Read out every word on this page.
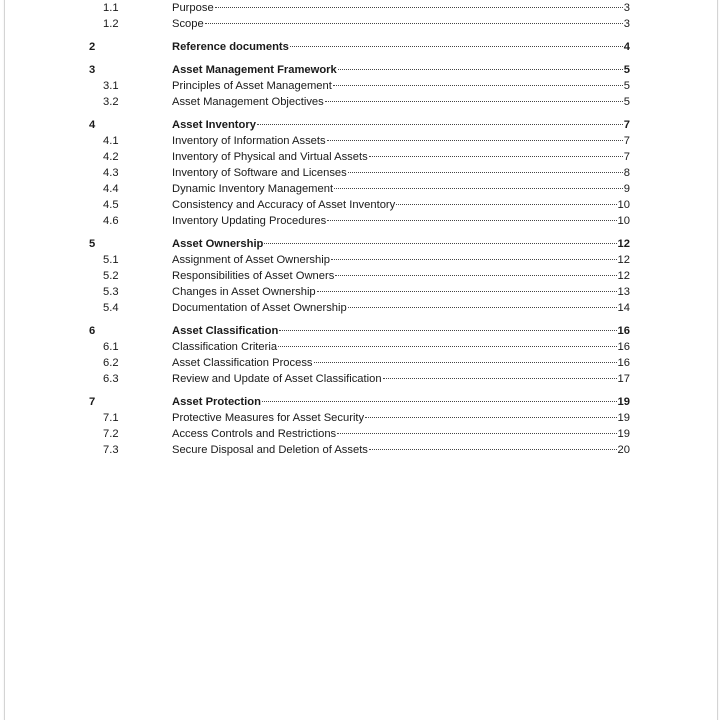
1.1	Purpose	3
1.2	Scope	3
2	Reference documents	4
3	Asset Management Framework	5
3.1	Principles of Asset Management	5
3.2	Asset Management Objectives	5
4	Asset Inventory	7
4.1	Inventory of Information Assets	7
4.2	Inventory of Physical and Virtual Assets	7
4.3	Inventory of Software and Licenses	8
4.4	Dynamic Inventory Management	9
4.5	Consistency and Accuracy of Asset Inventory	10
4.6	Inventory Updating Procedures	10
5	Asset Ownership	12
5.1	Assignment of Asset Ownership	12
5.2	Responsibilities of Asset Owners	12
5.3	Changes in Asset Ownership	13
5.4	Documentation of Asset Ownership	14
6	Asset Classification	16
6.1	Classification Criteria	16
6.2	Asset Classification Process	16
6.3	Review and Update of Asset Classification	17
7	Asset Protection	19
7.1	Protective Measures for Asset Security	19
7.2	Access Controls and Restrictions	19
7.3	Secure Disposal and Deletion of Assets	20
